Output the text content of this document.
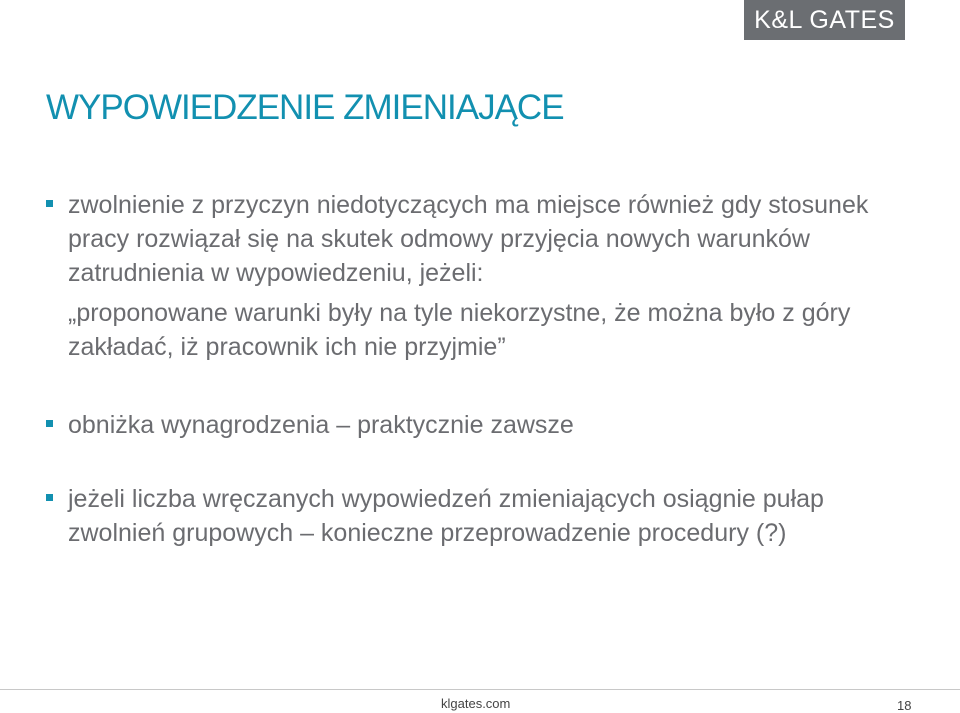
K&L GATES
WYPOWIEDZENIE ZMIENIAJĄCE
zwolnienie z przyczyn niedotyczących ma miejsce również gdy stosunek pracy rozwiązał się na skutek odmowy przyjęcia nowych warunków zatrudnienia w wypowiedzeniu, jeżeli:
„proponowane warunki były na tyle niekorzystne, że można było z góry zakładać, iż pracownik ich nie przyjmie”
obniżka wynagrodzenia – praktycznie zawsze
jeżeli liczba wręczanych wypowiedzeń zmieniających osiągnie pułap zwolnień grupowych – konieczne przeprowadzenie procedury (?)
klgates.com	18
